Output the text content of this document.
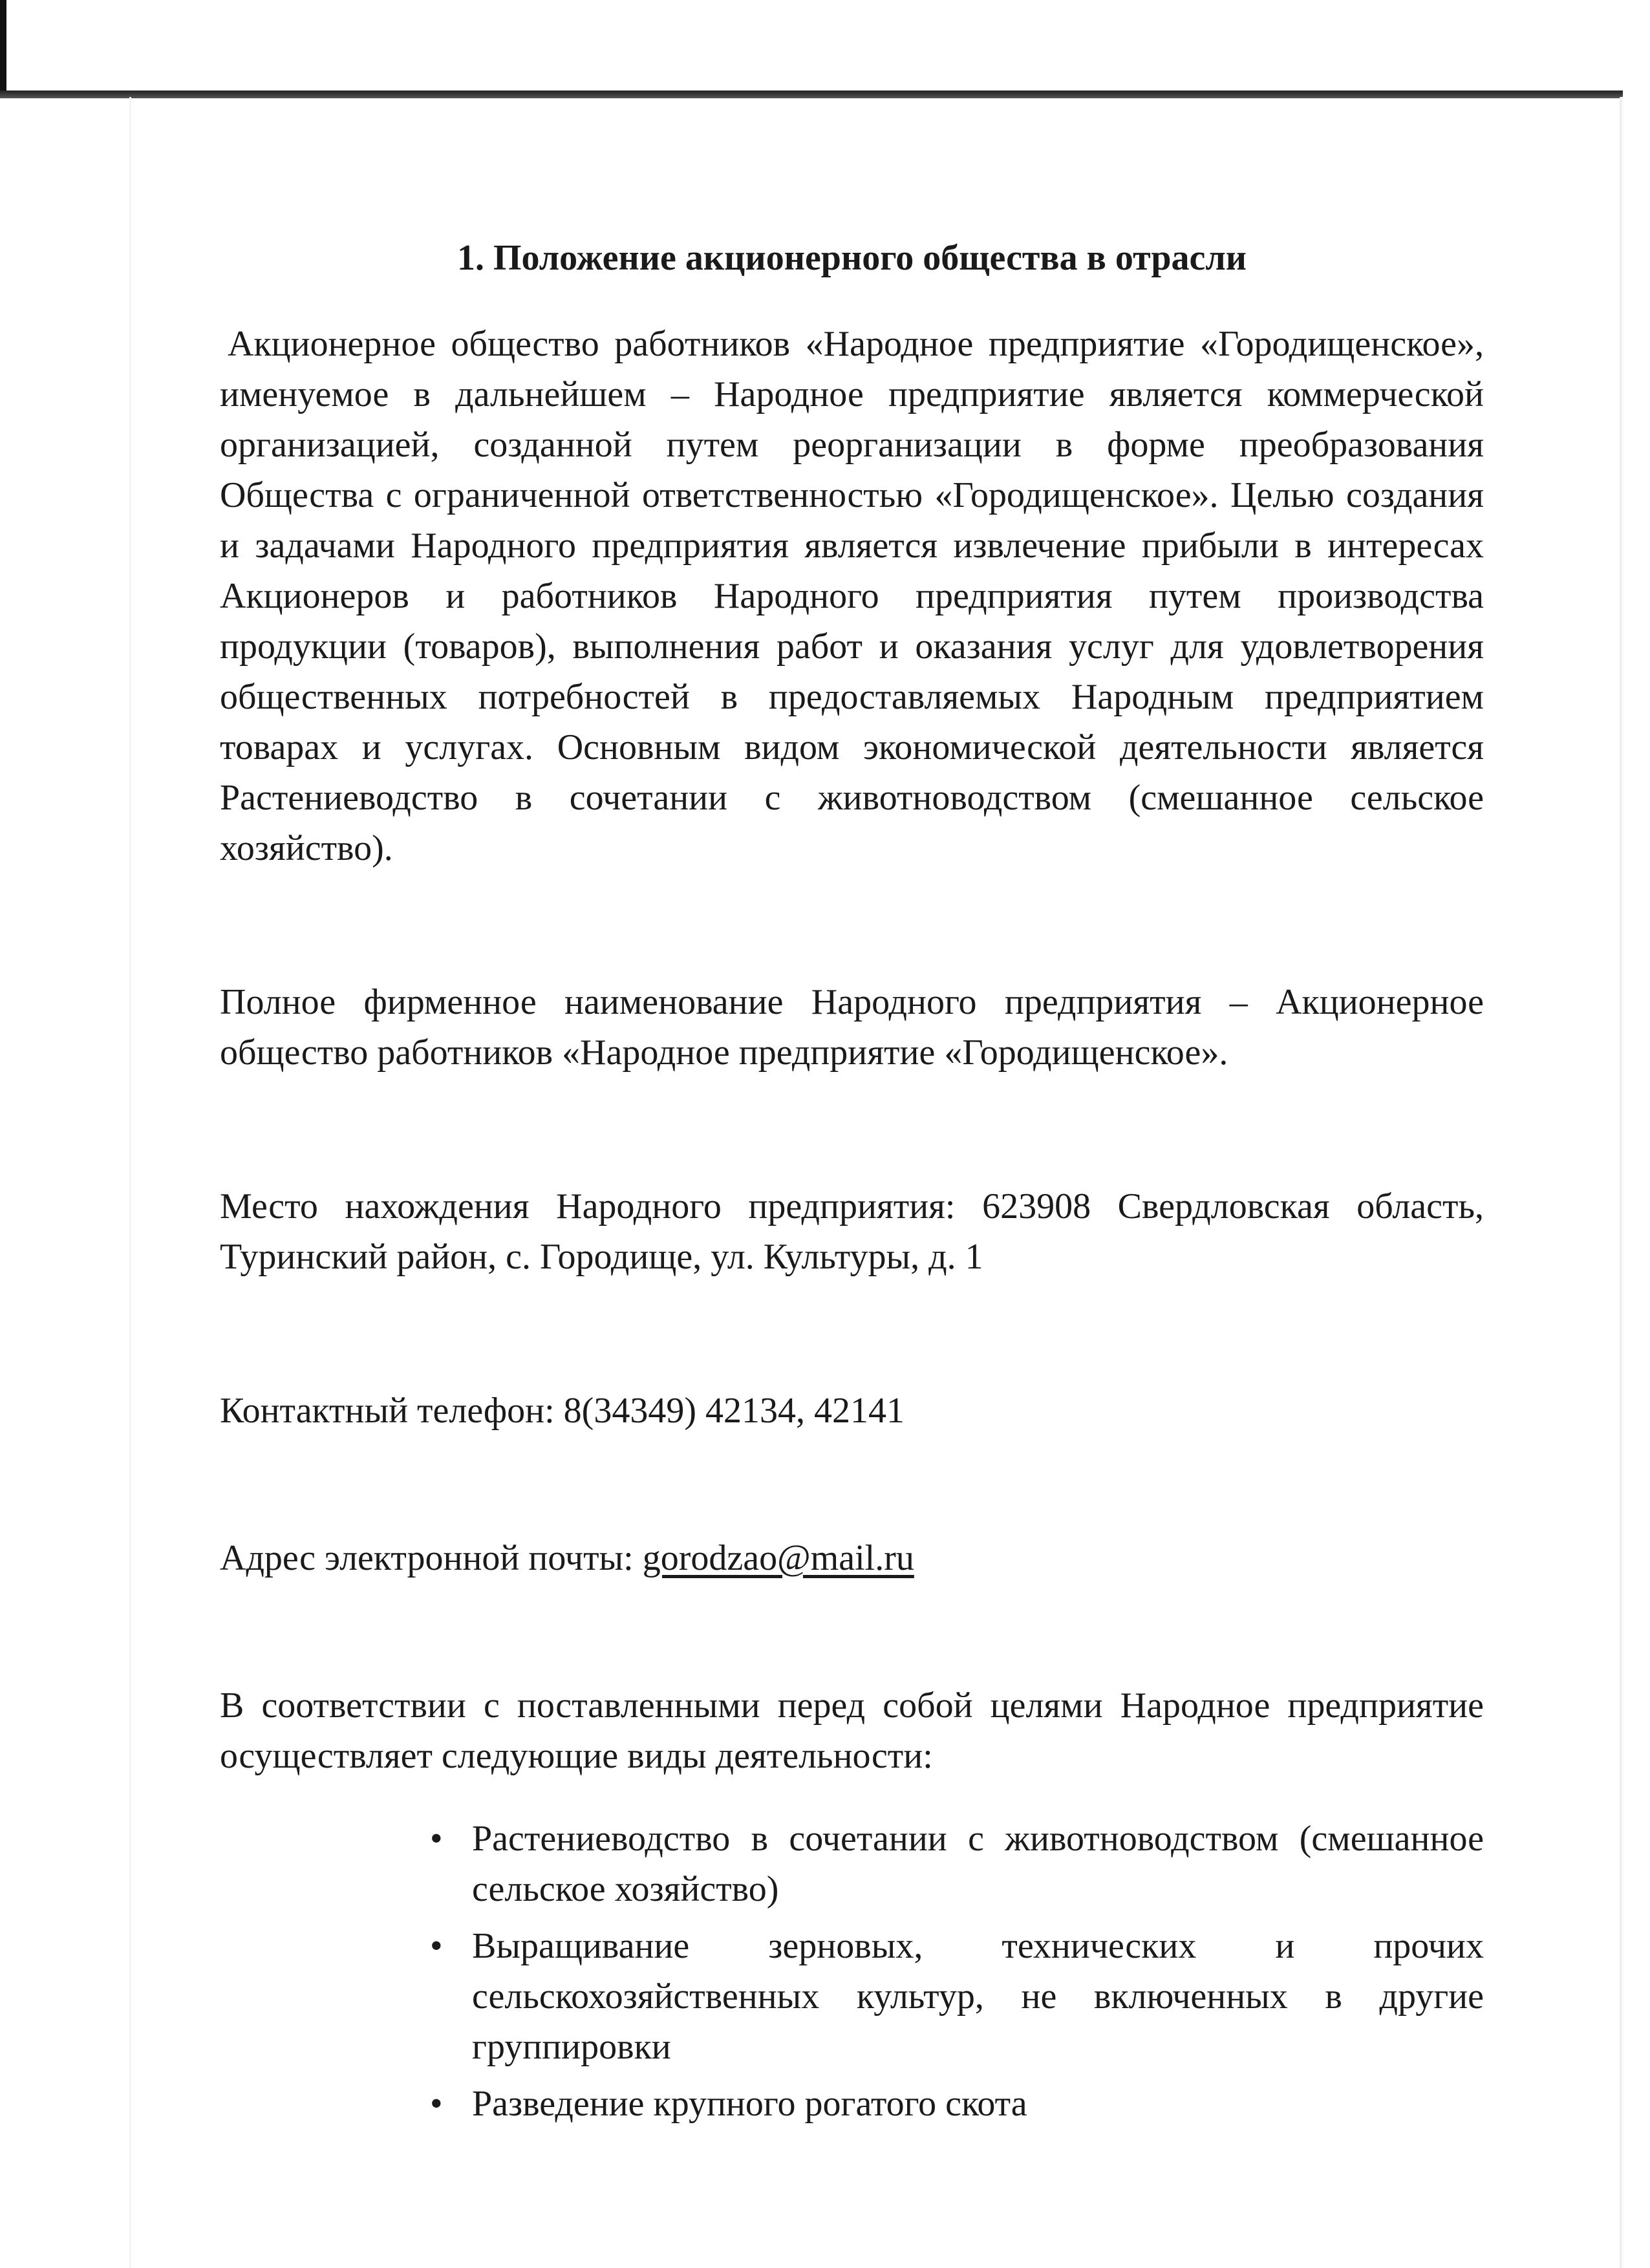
1. Положение акционерного общества в отрасли

Акционерное общество работников «Народное предприятие «Городищенское», именуемое в дальнейшем – Народное предприятие является коммерческой организацией, созданной путем реорганизации в форме преобразования Общества с ограниченной ответственностью «Городищенское». Целью создания и задачами Народного предприятия является извлечение прибыли в интересах Акционеров и работников Народного предприятия путем производства продукции (товаров), выполнения работ и оказания услуг для удовлетворения общественных потребностей в предоставляемых Народным предприятием товарах и услугах. Основным видом экономической деятельности является Растениеводство в сочетании с животноводством (смешанное сельское хозяйство).

Полное фирменное наименование Народного предприятия – Акционерное общество работников «Народное предприятие «Городищенское».

Место нахождения Народного предприятия: 623908 Свердловская область, Туринский район, с. Городище, ул. Культуры, д. 1

Контактный телефон: 8(34349) 42134, 42141

Адрес электронной почты: gorodzao@mail.ru

В соответствии с поставленными перед собой целями Народное предприятие осуществляет следующие виды деятельности:

• Растениеводство в сочетании с животноводством (смешанное сельское хозяйство)
• Выращивание зерновых, технических и прочих сельскохозяйственных культур, не включенных в другие группировки
• Разведение крупного рогатого скота
